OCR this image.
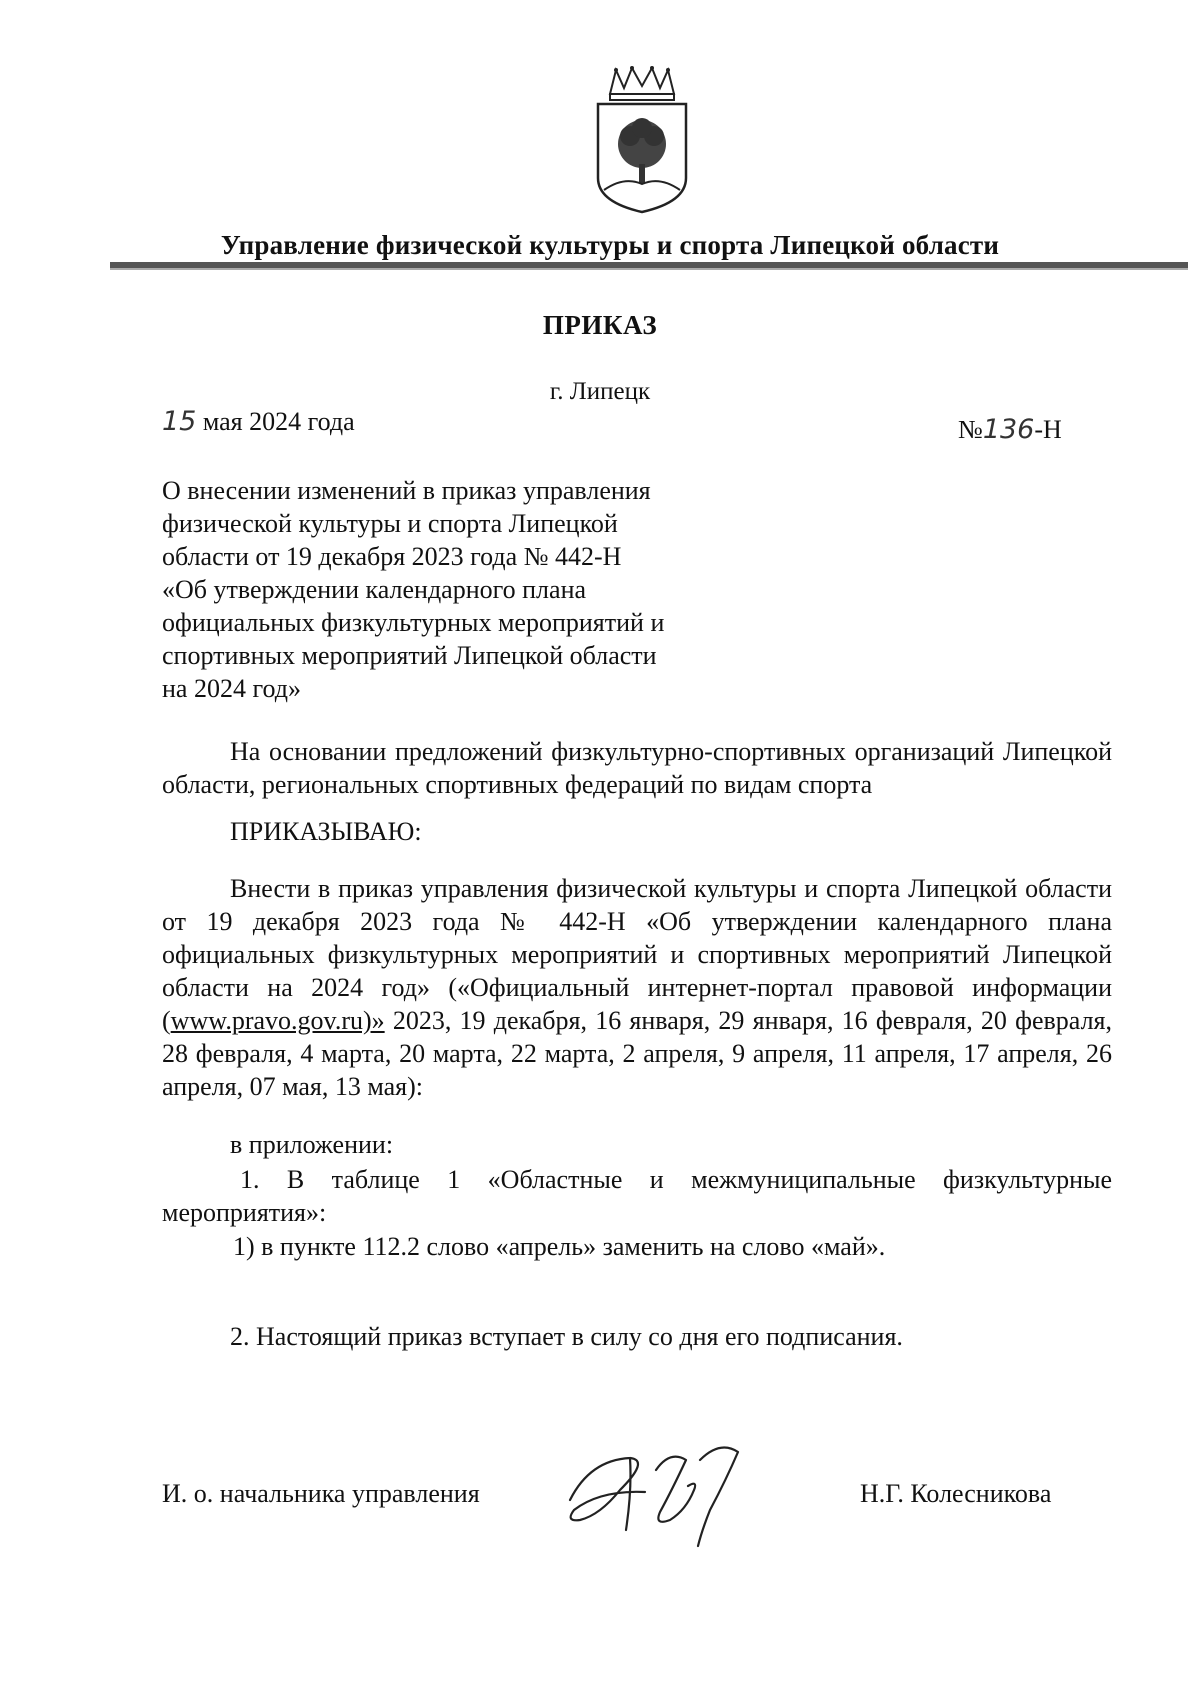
Управление физической культуры и спорта Липецкой области
ПРИКАЗ
г. Липецк
15 мая 2024 года	№136-Н
О внесении изменений в приказ управления
физической культуры и спорта Липецкой
области от 19 декабря 2023 года № 442-Н
«Об утверждении календарного плана
официальных физкультурных мероприятий и
спортивных мероприятий Липецкой области
на 2024 год»
На основании предложений физкультурно-спортивных организаций Липецкой области, региональных спортивных федераций по видам спорта
ПРИКАЗЫВАЮ:
Внести в приказ управления физической культуры и спорта Липецкой области от 19 декабря 2023 года № 442-Н «Об утверждении календарного плана официальных физкультурных мероприятий и спортивных мероприятий Липецкой области на 2024 год» («Официальный интернет-портал правовой информации (www.pravo.gov.ru)» 2023, 19 декабря, 16 января, 29 января, 16 февраля, 20 февраля, 28 февраля, 4 марта, 20 марта, 22 марта, 2 апреля, 9 апреля, 11 апреля, 17 апреля, 26 апреля, 07 мая, 13 мая):
в приложении:
1. В таблице 1 «Областные и межмуниципальные физкультурные мероприятия»:
1) в пункте 112.2 слово «апрель» заменить на слово «май».
2. Настоящий приказ вступает в силу со дня его подписания.
И. о. начальника управления	Н.Г. Колесникова
